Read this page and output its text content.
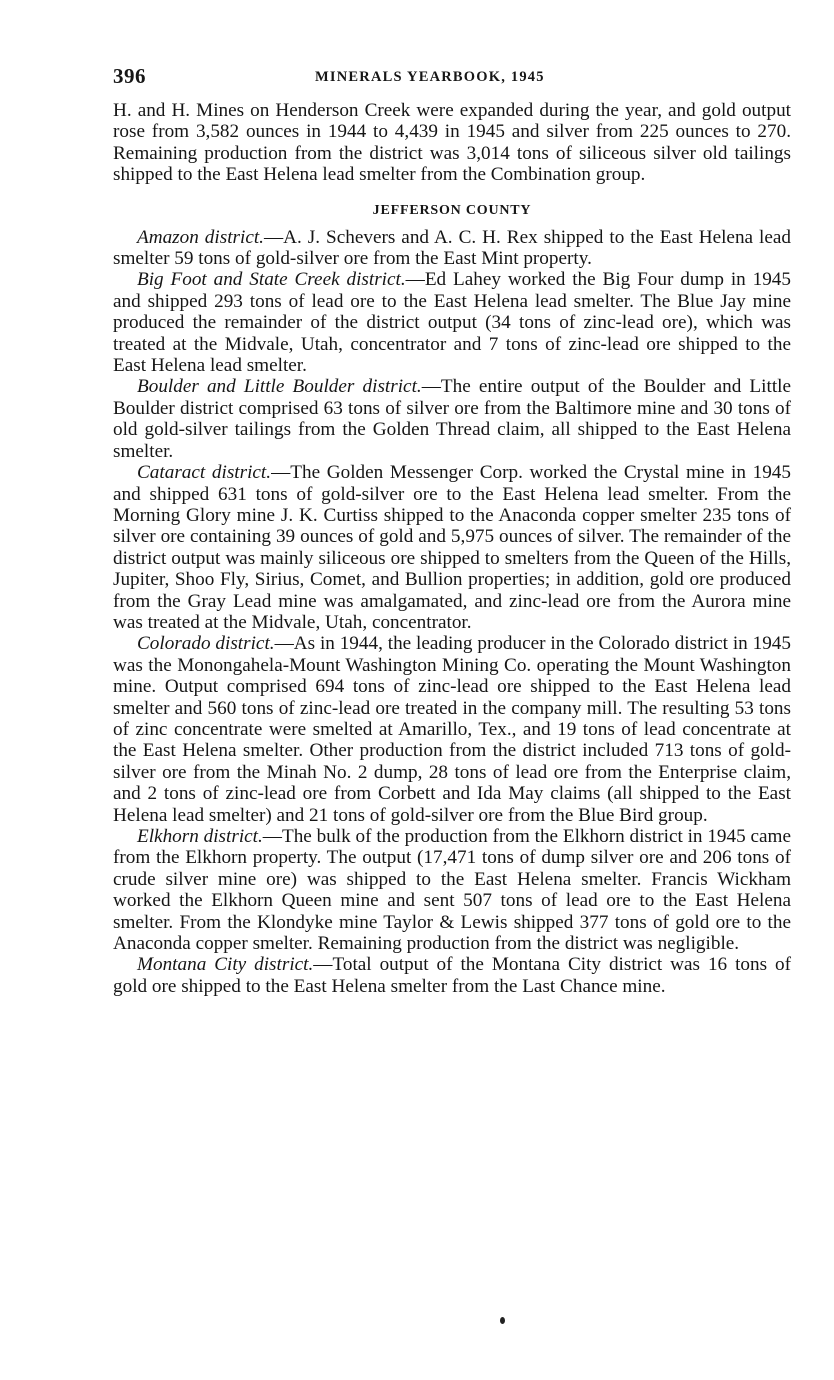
396	MINERALS YEARBOOK, 1945

H. and H. Mines on Henderson Creek were expanded during the year, and gold output rose from 3,582 ounces in 1944 to 4,439 in 1945 and silver from 225 ounces to 270. Remaining production from the district was 3,014 tons of siliceous silver old tailings shipped to the East Helena lead smelter from the Combination group.

JEFFERSON COUNTY

Amazon district.—A. J. Schevers and A. C. H. Rex shipped to the East Helena lead smelter 59 tons of gold-silver ore from the East Mint property.

Big Foot and State Creek district.—Ed Lahey worked the Big Four dump in 1945 and shipped 293 tons of lead ore to the East Helena lead smelter. The Blue Jay mine produced the remainder of the district output (34 tons of zinc-lead ore), which was treated at the Midvale, Utah, concentrator and 7 tons of zinc-lead ore shipped to the East Helena lead smelter.

Boulder and Little Boulder district.—The entire output of the Boulder and Little Boulder district comprised 63 tons of silver ore from the Baltimore mine and 30 tons of old gold-silver tailings from the Golden Thread claim, all shipped to the East Helena smelter.

Cataract district.—The Golden Messenger Corp. worked the Crystal mine in 1945 and shipped 631 tons of gold-silver ore to the East Helena lead smelter. From the Morning Glory mine J. K. Curtiss shipped to the Anaconda copper smelter 235 tons of silver ore containing 39 ounces of gold and 5,975 ounces of silver. The remainder of the district output was mainly siliceous ore shipped to smelters from the Queen of the Hills, Jupiter, Shoo Fly, Sirius, Comet, and Bullion properties; in addition, gold ore produced from the Gray Lead mine was amalgamated, and zinc-lead ore from the Aurora mine was treated at the Midvale, Utah, concentrator.

Colorado district.—As in 1944, the leading producer in the Colorado district in 1945 was the Monongahela-Mount Washington Mining Co. operating the Mount Washington mine. Output comprised 694 tons of zinc-lead ore shipped to the East Helena lead smelter and 560 tons of zinc-lead ore treated in the company mill. The resulting 53 tons of zinc concentrate were smelted at Amarillo, Tex., and 19 tons of lead concentrate at the East Helena smelter. Other production from the district included 713 tons of gold-silver ore from the Minah No. 2 dump, 28 tons of lead ore from the Enterprise claim, and 2 tons of zinc-lead ore from Corbett and Ida May claims (all shipped to the East Helena lead smelter) and 21 tons of gold-silver ore from the Blue Bird group.

Elkhorn district.—The bulk of the production from the Elkhorn district in 1945 came from the Elkhorn property. The output (17,471 tons of dump silver ore and 206 tons of crude silver mine ore) was shipped to the East Helena smelter. Francis Wickham worked the Elkhorn Queen mine and sent 507 tons of lead ore to the East Helena smelter. From the Klondyke mine Taylor & Lewis shipped 377 tons of gold ore to the Anaconda copper smelter. Remaining production from the district was negligible.

Montana City district.—Total output of the Montana City district was 16 tons of gold ore shipped to the East Helena smelter from the Last Chance mine.
